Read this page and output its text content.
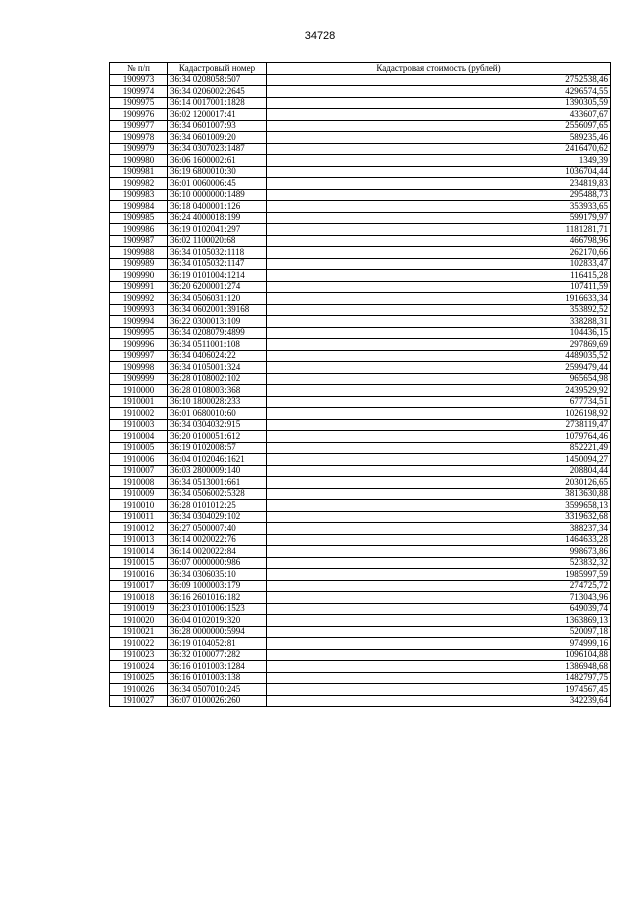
34728
№ п/п	Кадастровый номер	Кадастровая стоимость (рублей)
1909973	36:34 0208058:507	2752538,46
1909974	36:34 0206002:2645	4296574,55
1909975	36:14 0017001:1828	1390305,59
1909976	36:02 1200017:41	433607,67
1909977	36:34 0601007:93	2556097,65
1909978	36:34 0601009:20	589235,46
1909979	36:34 0307023:1487	2416470,62
1909980	36:06 1600002:61	1349,39
1909981	36:19 6800010:30	1036704,44
1909982	36:01 0060006:45	234819,83
1909983	36:10 0000000:1489	295488,73
1909984	36:18 0400001:126	353933,65
1909985	36:24 4000018:199	599179,97
1909986	36:19 0102041:297	1181281,71
1909987	36:02 1100020:68	466798,96
1909988	36:34 0105032:1118	262170,66
1909989	36:34 0105032:1147	102833,47
1909990	36:19 0101004:1214	116415,28
1909991	36:20 6200001:274	107411,59
1909992	36:34 0506031:120	1916633,34
1909993	36:34 0602001:39168	353892,52
1909994	36:22 0300013:109	338288,31
1909995	36:34 0208079:4899	104436,15
1909996	36:34 0511001:108	297869,69
1909997	36:34 0406024:22	4489035,52
1909998	36:34 0105001:324	2599479,44
1909999	36:28 0108002:102	965654,98
1910000	36:28 0108003:368	2439529,92
1910001	36:10 1800028:233	677734,51
1910002	36:01 0680010:60	1026198,92
1910003	36:34 0304032:915	2738119,47
1910004	36:20 0100051:612	1079764,46
1910005	36:19 0102008:57	852221,49
1910006	36:04 0102046:1621	1450094,27
1910007	36:03 2800009:140	208804,44
1910008	36:34 0513001:661	2030126,65
1910009	36:34 0506002:5328	3813630,88
1910010	36:28 0101012:25	3599658,13
1910011	36:34 0304029:102	3319632,68
1910012	36:27 0500007:40	388237,34
1910013	36:14 0020022:76	1464633,28
1910014	36:14 0020022:84	998673,86
1910015	36:07 0000000:986	523832,32
1910016	36:34 0306035:10	1985997,59
1910017	36:09 1000003:179	274725,72
1910018	36:16 2601016:182	713043,96
1910019	36:23 0101006:1523	649039,74
1910020	36:04 0102019:320	1363869,13
1910021	36:28 0000000:5994	520097,18
1910022	36:19 0104052:81	974999,16
1910023	36:32 0100077:282	1096104,88
1910024	36:16 0101003:1284	1386948,68
1910025	36:16 0101003:138	1482797,75
1910026	36:34 0507010:245	1974567,45
1910027	36:07 0100026:260	342239,64
